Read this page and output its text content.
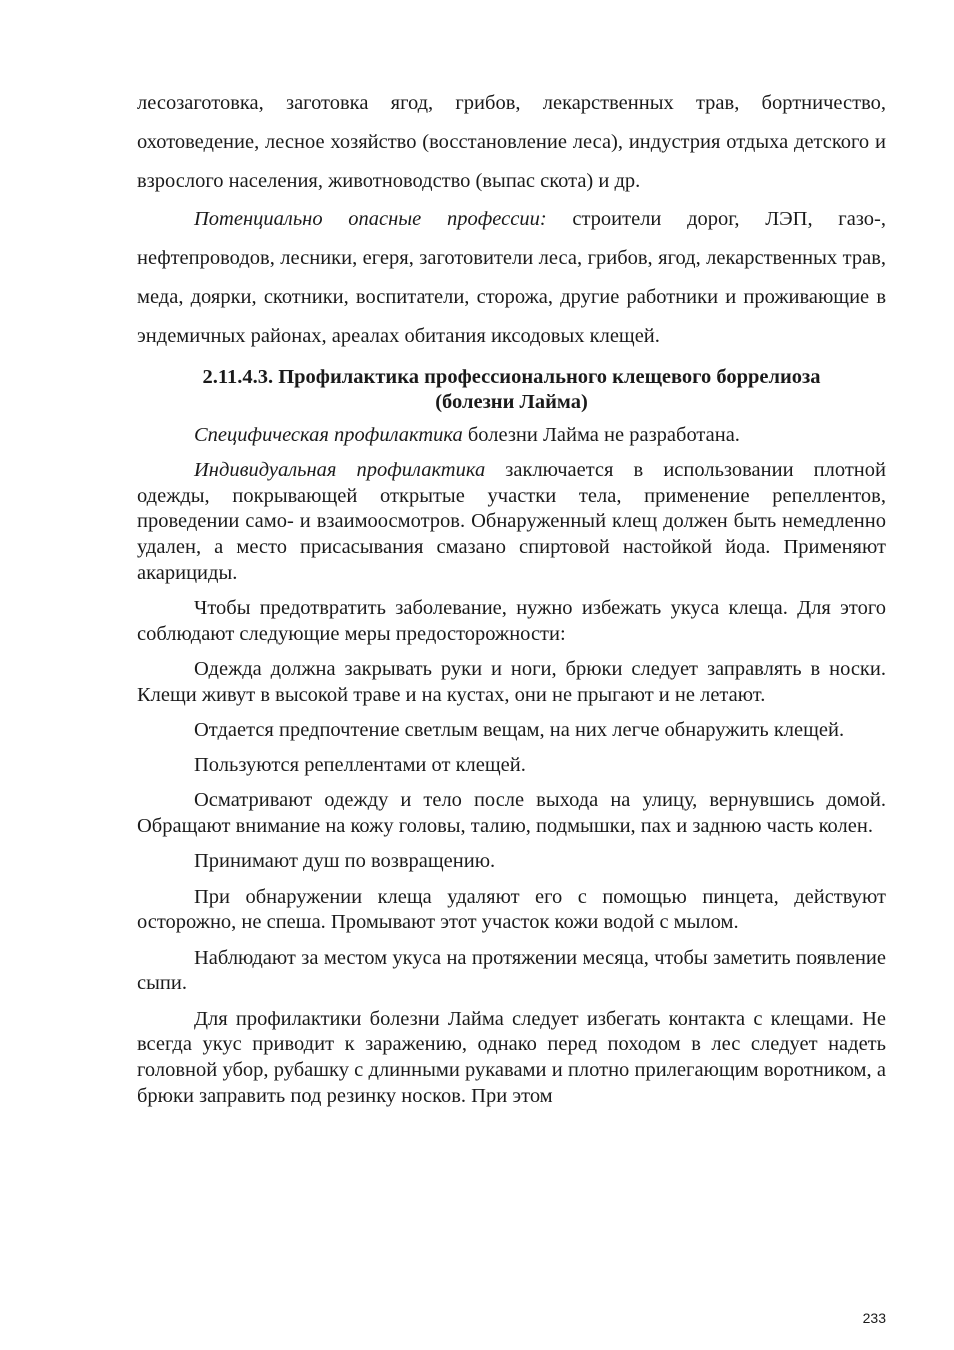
лесозаготовка, заготовка ягод, грибов, лекарственных трав, бортничество, охотоведение, лесное хозяйство (восстановление леса), индустрия отдыха детского и взрослого населения, животноводство (выпас скота) и др.

Потенциально опасные профессии: строители дорог, ЛЭП, газо-, нефтепроводов, лесники, егеря, заготовители леса, грибов, ягод, лекарственных трав, меда, доярки, скотники, воспитатели, сторожа, другие работники и проживающие в эндемичных районах, ареалах обитания иксодовых клещей.

2.11.4.3. Профилактика профессионального клещевого боррелиоза
(болезни Лайма)

Специфическая профилактика болезни Лайма не разработана.

Индивидуальная профилактика заключается в использовании плотной одежды, покрывающей открытые участки тела, применение репеллентов, проведении само- и взаимоосмотров. Обнаруженный клещ должен быть немедленно удален, а место присасывания смазано спиртовой настойкой йода. Применяют акарициды.

Чтобы предотвратить заболевание, нужно избежать укуса клеща. Для этого соблюдают следующие меры предосторожности:

Одежда должна закрывать руки и ноги, брюки следует заправлять в носки. Клещи живут в высокой траве и на кустах, они не прыгают и не летают.

Отдается предпочтение светлым вещам, на них легче обнаружить клещей.

Пользуются репеллентами от клещей.

Осматривают одежду и тело после выхода на улицу, вернувшись домой. Обращают внимание на кожу головы, талию, подмышки, пах и заднюю часть колен.

Принимают душ по возвращению.

При обнаружении клеща удаляют его с помощью пинцета, действуют осторожно, не спеша. Промывают этот участок кожи водой с мылом.

Наблюдают за местом укуса на протяжении месяца, чтобы заметить появление сыпи.

Для профилактики болезни Лайма следует избегать контакта с клещами. Не всегда укус приводит к заражению, однако перед походом в лес следует надеть головной убор, рубашку с длинными рукавами и плотно прилегающим воротником, а брюки заправить под резинку носков. При этом

233
